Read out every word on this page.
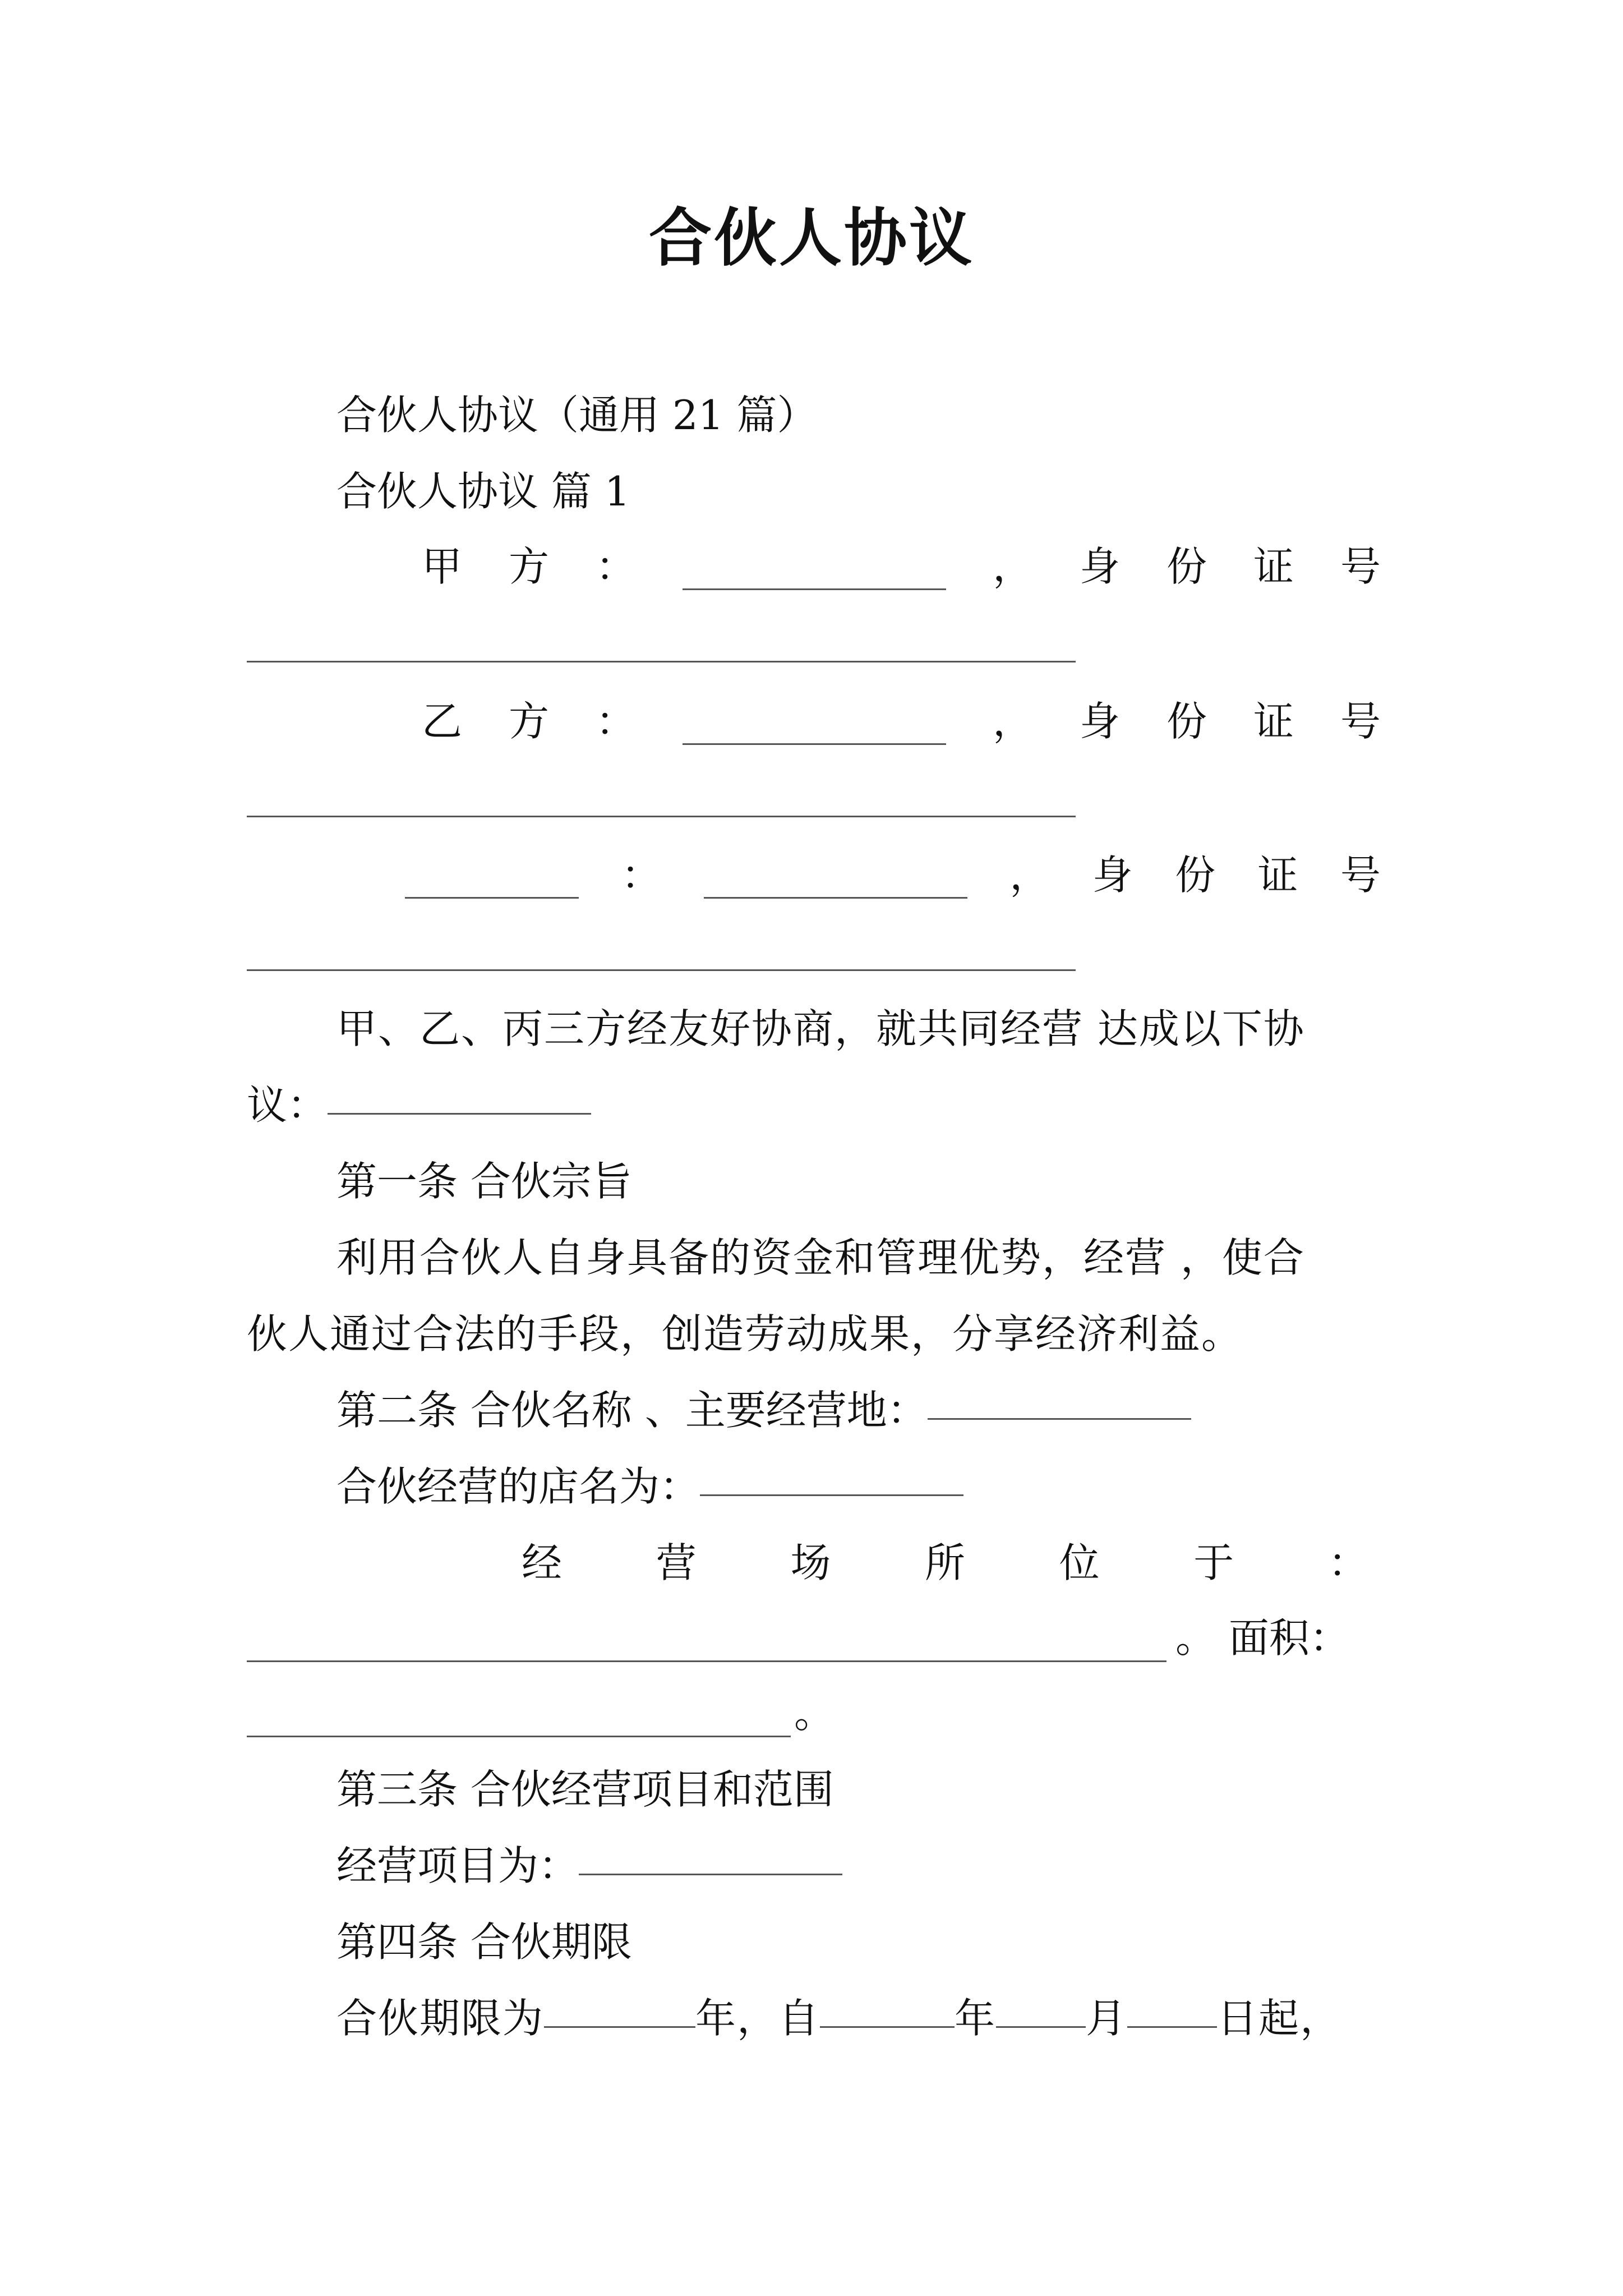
合伙人协议
合伙人协议（通用 21 篇）
合伙人协议 篇 1
甲 方 ：	， 身 份 证 号
乙 方 ：	， 身 份 证 号
：	， 身 份 证 号
甲、乙、丙三方经友好协商，就共同经营 达成以下协
议：
第一条 合伙宗旨
利用合伙人自身具备的资金和管理优势，经营 ，使合
伙人通过合法的手段，创造劳动成果，分享经济利益。
第二条 合伙名称 、主要经营地：
合伙经营的店名为：
经 营 场 所 位 于 ：
。 面积：
。
第三条 合伙经营项目和范围
经营项目为：
第四条 合伙期限
合伙期限为	年，自	年 月 日起，
